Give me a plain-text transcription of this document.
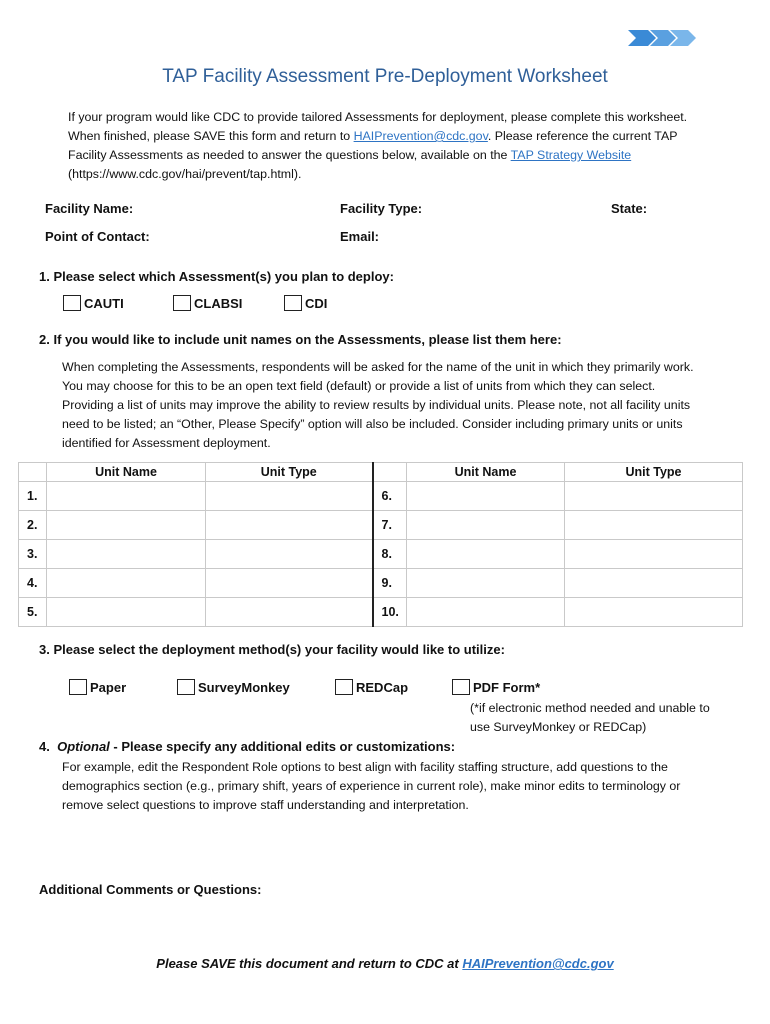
TAP Facility Assessment Pre-Deployment Worksheet
If your program would like CDC to provide tailored Assessments for deployment, please complete this worksheet. When finished, please SAVE this form and return to HAIPrevention@cdc.gov. Please reference the current TAP Facility Assessments as needed to answer the questions below, available on the TAP Strategy Website (https://www.cdc.gov/hai/prevent/tap.html).
Facility Name:	Facility Type:	State:
Point of Contact:	Email:
1. Please select which Assessment(s) you plan to deploy:
CAUTI	CLABSI	CDI
2. If you would like to include unit names on the Assessments, please list them here:
When completing the Assessments, respondents will be asked for the name of the unit in which they primarily work. You may choose for this to be an open text field (default) or provide a list of units from which they can select. Providing a list of units may improve the ability to review results by individual units. Please note, not all facility units need to be listed; an “Other, Please Specify” option will also be included. Consider including primary units or units identified for Assessment deployment.
	Unit Name	Unit Type		Unit Name	Unit Type
1.			6.		
2.			7.		
3.			8.		
4.			9.		
5.			10.		
3. Please select the deployment method(s) your facility would like to utilize:
Paper	SurveyMonkey	REDCap	PDF Form*
(*if electronic method needed and unable to use SurveyMonkey or REDCap)
4. Optional - Please specify any additional edits or customizations:
For example, edit the Respondent Role options to best align with facility staffing structure, add questions to the demographics section (e.g., primary shift, years of experience in current role), make minor edits to terminology or remove select questions to improve staff understanding and interpretation.
Additional Comments or Questions:
Please SAVE this document and return to CDC at HAIPrevention@cdc.gov
